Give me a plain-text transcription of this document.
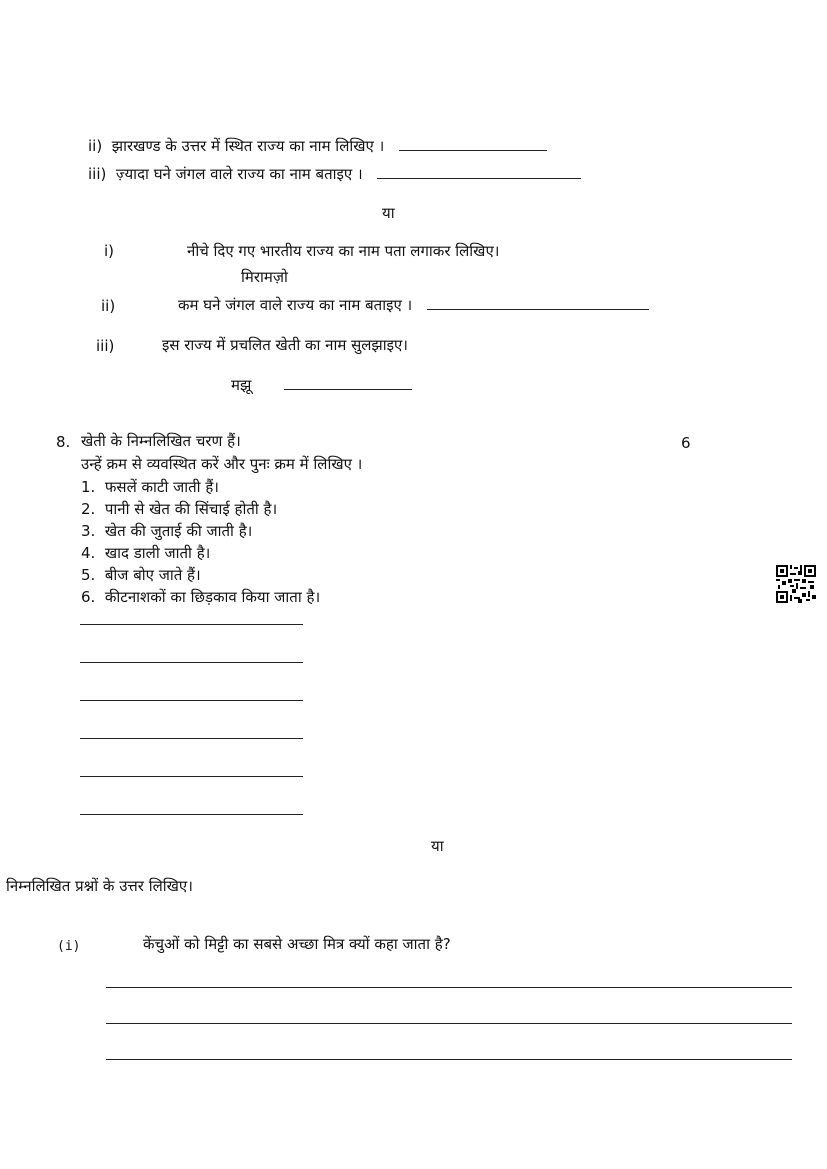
ii) झारखण्ड के उत्तर में स्थित राज्य का नाम लिखिए ।
iii) ज़्यादा घने जंगल वाले राज्य का नाम बताइए ।
या
i)	नीचे दिए गए भारतीय राज्य का नाम पता लगाकर लिखिए।
मिरामज़ो
ii)	कम घने जंगल वाले राज्य का नाम बताइए ।
iii)	इस राज्य में प्रचलित खेती का नाम सुलझाइए।
मझू
8. खेती के निम्नलिखित चरण हैं।	6
उन्हें क्रम से व्यवस्थित करें और पुनः क्रम में लिखिए ।
1. फसलें काटी जाती हैं।
2. पानी से खेत की सिंचाई होती है।
3. खेत की जुताई की जाती है।
4. खाद डाली जाती है।
5. बीज बोए जाते हैं।
6. कीटनाशकों का छिड़काव किया जाता है।
या
निम्नलिखित प्रश्नों के उत्तर लिखिए।
(i)	केंचुओं को मिट्टी का सबसे अच्छा मित्र क्यों कहा जाता है?
